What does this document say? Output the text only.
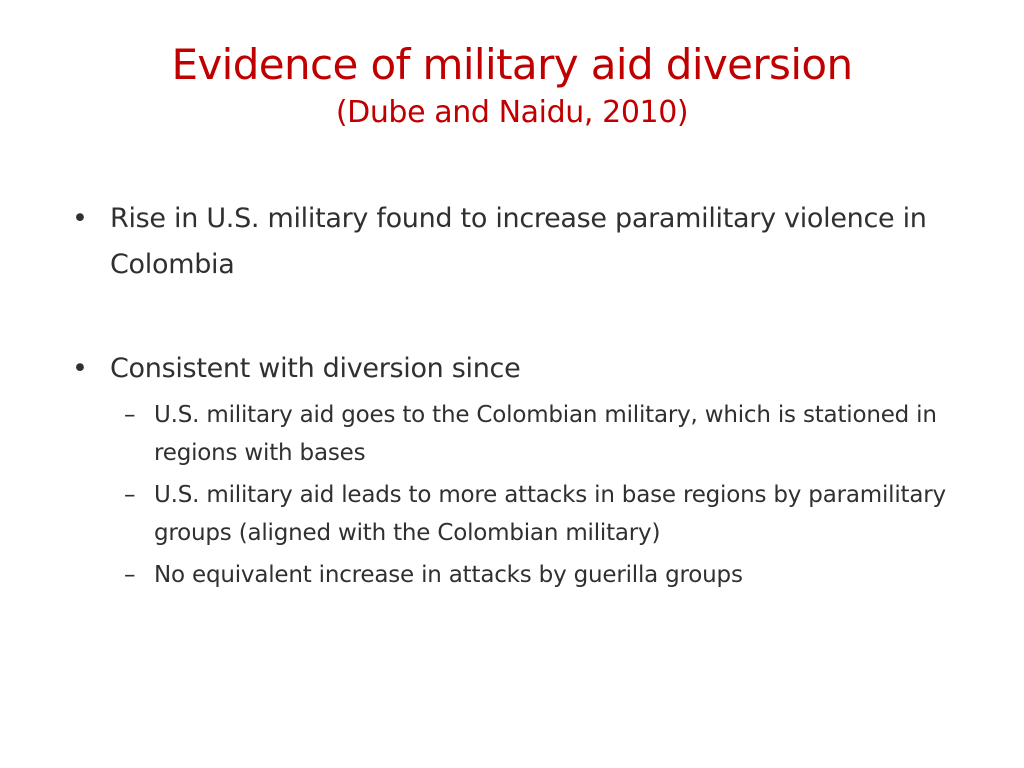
Evidence of military aid diversion

(Dube and Naidu, 2010)

• Rise in U.S. military found to increase paramilitary violence in Colombia
• Consistent with diversion since
– U.S. military aid goes to the Colombian military, which is stationed in regions with bases
– U.S. military aid leads to more attacks in base regions by paramilitary groups (aligned with the Colombian military)
– No equivalent increase in attacks by guerilla groups
